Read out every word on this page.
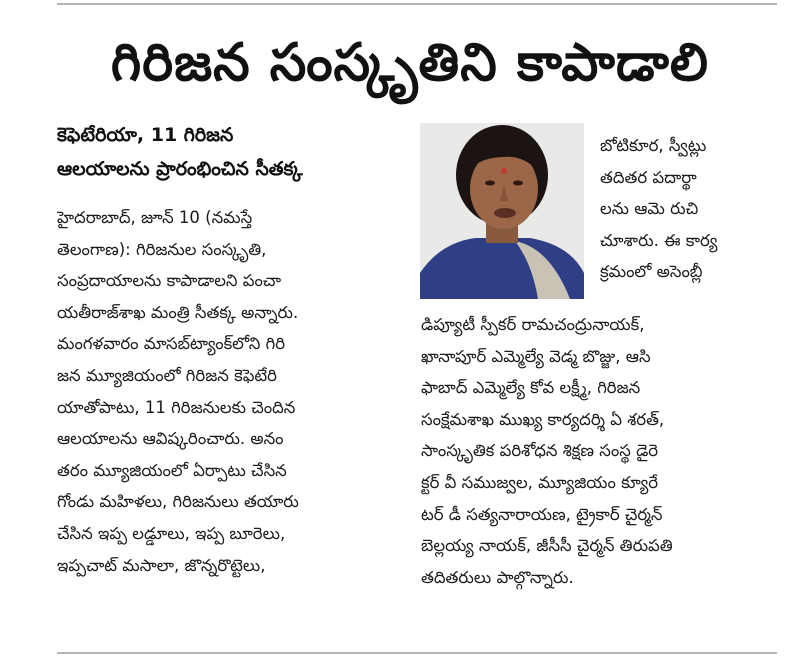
గిరిజన సంస్కృతిని కాపాడాలి
కెఫెటేరియా, 11 గిరిజన
ఆలయాలను ప్రారంభించిన సీతక్క
హైదరాబాద్, జూన్ 10 (నమస్తే
తెలంగాణ): గిరిజనుల సంస్కృతి,
సంప్రదాయాలను కాపాడాలని పంచా
యతీరాజ్‌శాఖ మంత్రి సీతక్క అన్నారు.
మంగళవారం మాసబ్‌ట్యాంక్‌లోని గిరి
జన మ్యూజియంలో గిరిజన కెఫెటేరి
యాతోపాటు, 11 గిరిజనులకు చెందిన
ఆలయాలను ఆవిష్కరించారు. అనం
తరం మ్యూజియంలో ఏర్పాటు చేసిన
గోండు మహిళలు, గిరిజనులు తయారు
చేసిన ఇప్ప లడ్డూలు, ఇప్ప బూరెలు,
ఇప్పచాట్ మసాలా, జొన్నరొట్టెలు,
బోటికూర, స్వీట్లు
తదితర పదార్థా
లను ఆమె రుచి
చూశారు. ఈ కార్య
క్రమంలో అసెంబ్లీ
డిప్యూటీ స్పీకర్ రామచంద్రునాయక్,
ఖానాపూర్ ఎమ్మెల్యే వెడ్మ బొజ్జు, ఆసి
ఫాబాద్ ఎమ్మెల్యే కోవ లక్ష్మీ, గిరిజన
సంక్షేమశాఖ ముఖ్య కార్యదర్శి ఏ శరత్,
సాంస్కృతిక పరిశోధన శిక్షణ సంస్థ డైరె
క్టర్ వీ సముజ్వల, మ్యూజియం క్యూరే
టర్ డీ సత్యనారాయణ, ట్రైకార్ చైర్మన్
బెల్లయ్య నాయక్, జీసీసీ చైర్మన్ తిరుపతి
తదితరులు పాల్గొన్నారు.
